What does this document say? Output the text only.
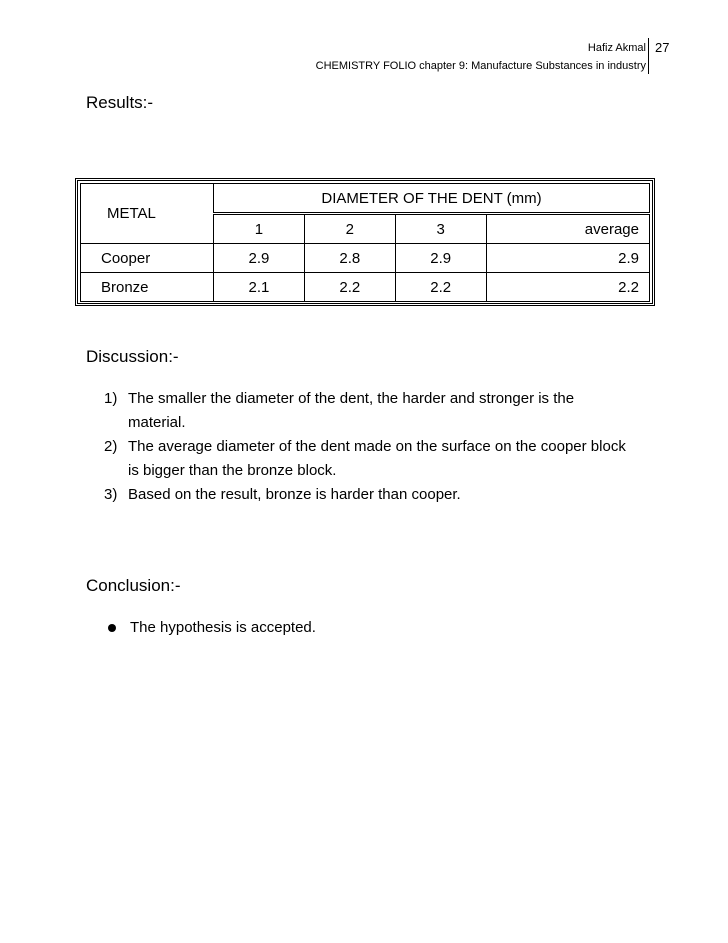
Hafiz Akmal 27
CHEMISTRY FOLIO chapter 9: Manufacture Substances in industry
Results:-
METAL	DIAMETER OF THE DENT (mm)			
	1	2	3	average
Cooper	2.9	2.8	2.9	2.9
Bronze	2.1	2.2	2.2	2.2
Discussion:-
1) The smaller the diameter of the dent, the harder and stronger is the material.
2) The average diameter of the dent made on the surface on the cooper block is bigger than the bronze block.
3) Based on the result, bronze is harder than cooper.
Conclusion:-
The hypothesis is accepted.
